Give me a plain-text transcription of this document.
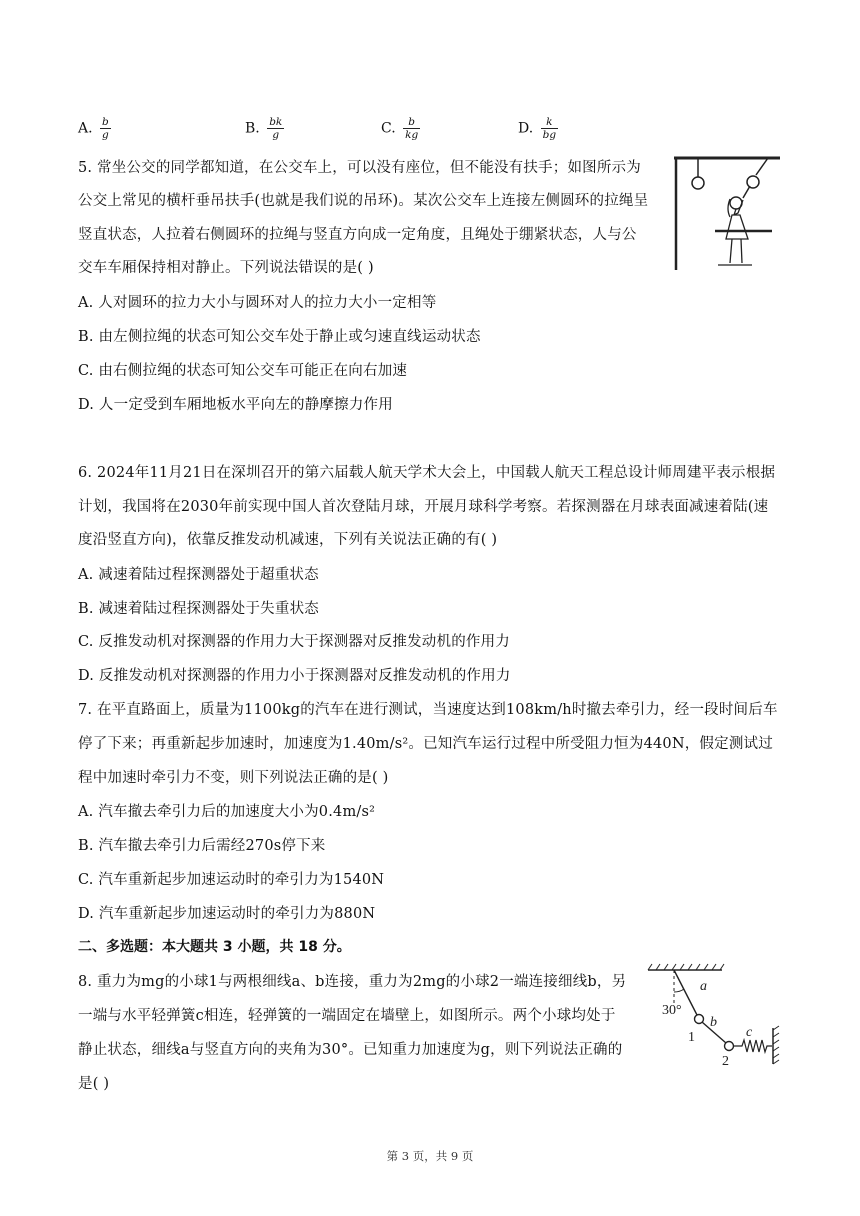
A. $\frac{b}{g}$	B. $\frac{bk}{g}$	C. $\frac{b}{kg}$	D. $\frac{k}{bg}$
5. 常坐公交的同学都知道，在公交车上，可以没有座位，但不能没有扶手；如图所示为
公交上常见的横杆垂吊扶手(也就是我们说的吊环)。某次公交车上连接左侧圆环的拉绳呈
竖直状态，人拉着右侧圆环的拉绳与竖直方向成一定角度，且绳处于绷紧状态，人与公
交车车厢保持相对静止。下列说法错误的是( )
A. 人对圆环的拉力大小与圆环对人的拉力大小一定相等
B. 由左侧拉绳的状态可知公交车处于静止或匀速直线运动状态
C. 由右侧拉绳的状态可知公交车可能正在向右加速
D. 人一定受到车厢地板水平向左的静摩擦力作用
6. 2024年11月21日在深圳召开的第六届载人航天学术大会上，中国载人航天工程总设计师周建平表示根据
计划，我国将在2030年前实现中国人首次登陆月球，开展月球科学考察。若探测器在月球表面减速着陆(速
度沿竖直方向)，依靠反推发动机减速，下列有关说法正确的有( )
A. 减速着陆过程探测器处于超重状态
B. 减速着陆过程探测器处于失重状态
C. 反推发动机对探测器的作用力大于探测器对反推发动机的作用力
D. 反推发动机对探测器的作用力小于探测器对反推发动机的作用力
7. 在平直路面上，质量为1100kg的汽车在进行测试，当速度达到108km/h时撤去牵引力，经一段时间后车
停了下来；再重新起步加速时，加速度为1.40m/s²。已知汽车运行过程中所受阻力恒为440N，假定测试过
程中加速时牵引力不变，则下列说法正确的是( )
A. 汽车撤去牵引力后的加速度大小为0.4m/s²
B. 汽车撤去牵引力后需经270s停下来
C. 汽车重新起步加速运动时的牵引力为1540N
D. 汽车重新起步加速运动时的牵引力为880N
二、多选题：本大题共 3 小题，共 18 分。
8. 重力为mg的小球1与两根细线a、b连接，重力为2mg的小球2一端连接细线b，另
一端与水平轻弹簧c相连，轻弹簧的一端固定在墙壁上，如图所示。两个小球均处于
静止状态，细线a与竖直方向的夹角为30°。已知重力加速度为g，则下列说法正确的
是( )
a
30°
1
b
2
c
第 3 页，共 9 页
